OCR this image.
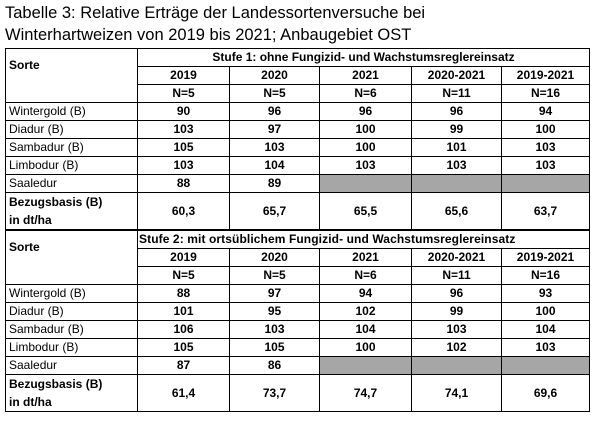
Tabelle 3: Relative Erträge der Landessortenversuche bei
Winterhartweizen von 2019 bis 2021; Anbaugebiet OST
Sorte	Stufe 1: ohne Fungizid- und Wachstumsreglereinsatz				
	2019	2020	2021	2020-2021	2019-2021
	N=5	N=5	N=6	N=11	N=16
Wintergold (B)	90	96	96	96	94
Diadur (B)	103	97	100	99	100
Sambadur (B)	105	103	100	101	103
Limbodur (B)	103	104	103	103	103
Saaledur	88	89			

Bezugsbasis (B)
in dt/ha	60,3	65,7	65,5	65,6	63,7
Sorte	Stufe 2: mit ortsüblichem Fungizid- und Wachstumsreglereinsatz				
	2019	2020	2021	2020-2021	2019-2021
	N=5	N=5	N=6	N=11	N=16
Wintergold (B)	88	97	94	96	93
Diadur (B)	101	95	102	99	100
Sambadur (B)	106	103	104	103	104
Limbodur (B)	105	105	100	102	103
Saaledur	87	86			

Bezugsbasis (B)
in dt/ha	61,4	73,7	74,7	74,1	69,6
